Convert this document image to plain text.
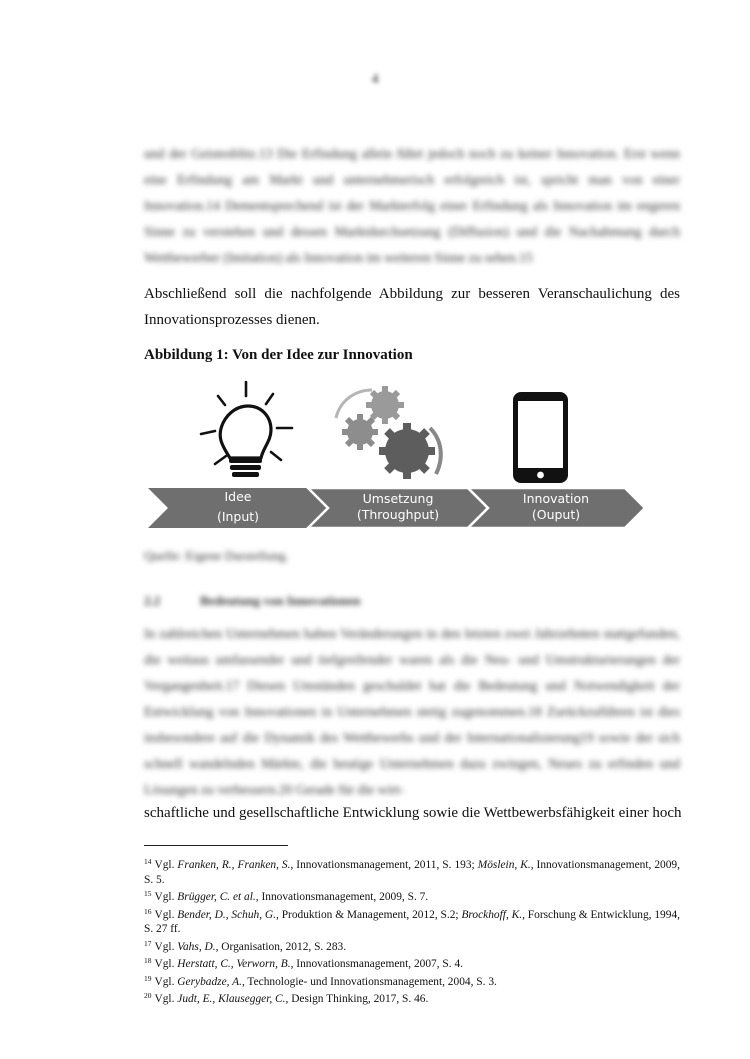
4

und der Geistesblitz.13 Die Erfindung allein führt jedoch noch zu keiner Innovation. Erst wenn eine Erfindung am Markt und unternehmerisch erfolgreich ist, spricht man von einer Innovation.14 Dementsprechend ist der Markterfolg einer Erfindung als Innovation im engeren Sinne zu verstehen und dessen Marktdurchsetzung (Diffusion) und die Nachahmung durch Wettbewerber (Imitation) als Innovation im weiteren Sinne zu sehen.15

Abschließend soll die nachfolgende Abbildung zur besseren Veranschaulichung des Innovationsprozesses dienen.
Abbildung 1: Von der Idee zur Innovation
Idee
(Input)
Umsetzung
(Throughput)
Innovation
(Ouput)
Quelle: Eigene Darstellung.
2.2	Bedeutung von Innovationen

In zahlreichen Unternehmen haben Veränderungen in den letzten zwei Jahrzehnten stattgefunden, die weitaus umfassender und tiefgreifender waren als die Neu- und Umstrukturierungen der Vergangenheit.17 Diesen Umständen geschuldet hat die Bedeutung und Notwendigkeit der Entwicklung von Innovationen in Unternehmen stetig zugenommen.18 Zurückzuführen ist dies insbesondere auf die Dynamik des Wettbewerbs und der Internationalisierung19 sowie der sich schnell wandelnden Märkte, die heutige Unternehmen dazu zwingen, Neues zu erfinden und Lösungen zu verbessern.20 Gerade für die wirt-

schaftliche und gesellschaftliche Entwicklung sowie die Wettbewerbsfähigkeit einer hoch

$^{14}$ Vgl. Franken, R., Franken, S., Innovationsmanagement, 2011, S. 193; Möslein, K., Innovationsmanagement, 2009, S. 5.

$^{15}$ Vgl. Brügger, C. et al., Innovationsmanagement, 2009, S. 7.

$^{16}$ Vgl. Bender, D., Schuh, G., Produktion & Management, 2012, S.2; Brockhoff, K., Forschung & Entwicklung, 1994, S. 27 ff.

$^{17}$ Vgl. Vahs, D., Organisation, 2012, S. 283.

$^{18}$ Vgl. Herstatt, C., Verworn, B., Innovationsmanagement, 2007, S. 4.

$^{19}$ Vgl. Gerybadze, A., Technologie- und Innovationsmanagement, 2004, S. 3.

$^{20}$ Vgl. Judt, E., Klausegger, C., Design Thinking, 2017, S. 46.
